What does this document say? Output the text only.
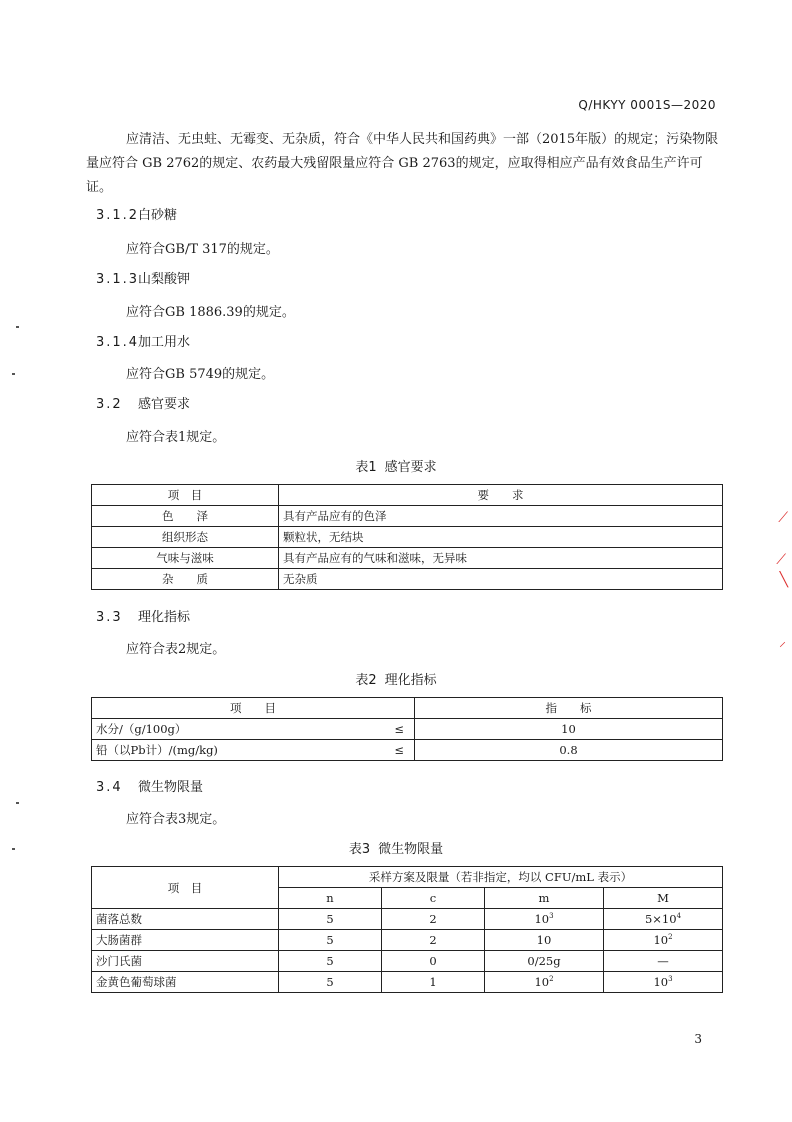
Q/HKYY 0001S—2020
应清洁、无虫蛀、无霉变、无杂质，符合《中华人民共和国药典》一部（2015年版）的规定；污染物限量应符合 GB 2762的规定、农药最大残留限量应符合 GB 2763的规定，应取得相应产品有效食品生产许可证。
3.1.2白砂糖
应符合GB/T 317的规定。
3.1.3山梨酸钾
应符合GB 1886.39的规定。
3.1.4加工用水
应符合GB 5749的规定。
3.2 感官要求
应符合表1规定。
表1 感官要求
项　目	要　　求
色　　泽	具有产品应有的色泽
组织形态	颗粒状，无结块
气味与滋味	具有产品应有的气味和滋味，无异味
杂　　质	无杂质
3.3 理化指标
应符合表2规定。
表2 理化指标
项　　目		指　　标
水分/（g/100g）	≤	10
铅（以Pb计）/(mg/kg)	≤	0.8
3.4 微生物限量
应符合表3规定。
表3 微生物限量
项　目	采样方案及限量（若非指定，均以 CFU/mL 表示）			
	n	c	m	M
菌落总数	5	2	$10^3$	$5\times 10^4$
大肠菌群	5	2	10	$10^2$
沙门氏菌	5	0	0/25g	—
金黄色葡萄球菌	5	1	$10^2$	$10^3$
3
⟋
⟋
╲
⸝
